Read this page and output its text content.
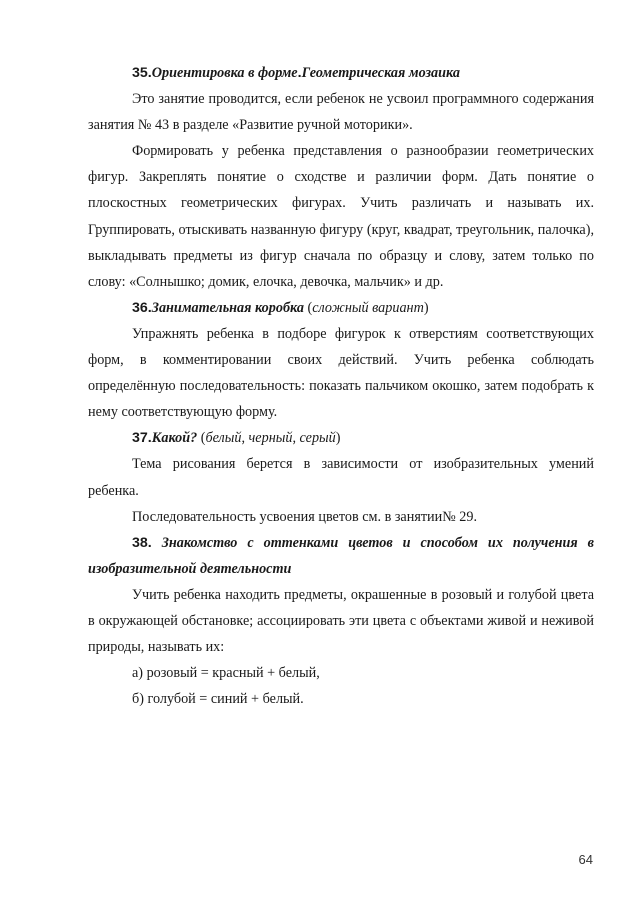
35.Ориентировка в форме.Геометрическая мозаика

Это занятие проводится, если ребенок не усвоил программного содержания занятия № 43 в разделе «Развитие ручной моторики».

Формировать у ребенка представления о разнообразии геометрических фигур. Закреплять понятие о сходстве и различии форм. Дать понятие о плоскостных геометрических фигурах. Учить различать и называть их. Группировать, отыскивать названную фигуру (круг, квадрат, треугольник, палочка), выкладывать предметы из фигур сначала по образцу и слову, затем только по слову: «Солнышко; домик, елочка, девочка, мальчик» и др.

36.Занимательная коробка (сложный вариант)

Упражнять ребенка в подборе фигурок к отверстиям соответствующих форм, в комментировании своих действий. Учить ребенка соблюдать определённую последовательность: показать пальчиком окошко, затем подобрать к нему соответствующую форму.

37.Какой? (белый, черный, серый)

Тема рисования берется в зависимости от изобразительных умений ребенка.

Последовательность усвоения цветов см. в занятии№ 29.

38. Знакомство с оттенками цветов и способом их получения в изобразительной деятельности

Учить ребенка находить предметы, окрашенные в розовый и голубой цвета в окружающей обстановке; ассоциировать эти цвета с объектами живой и неживой природы, называть их:

а) розовый = красный + белый,

б) голубой = синий + белый.

64
